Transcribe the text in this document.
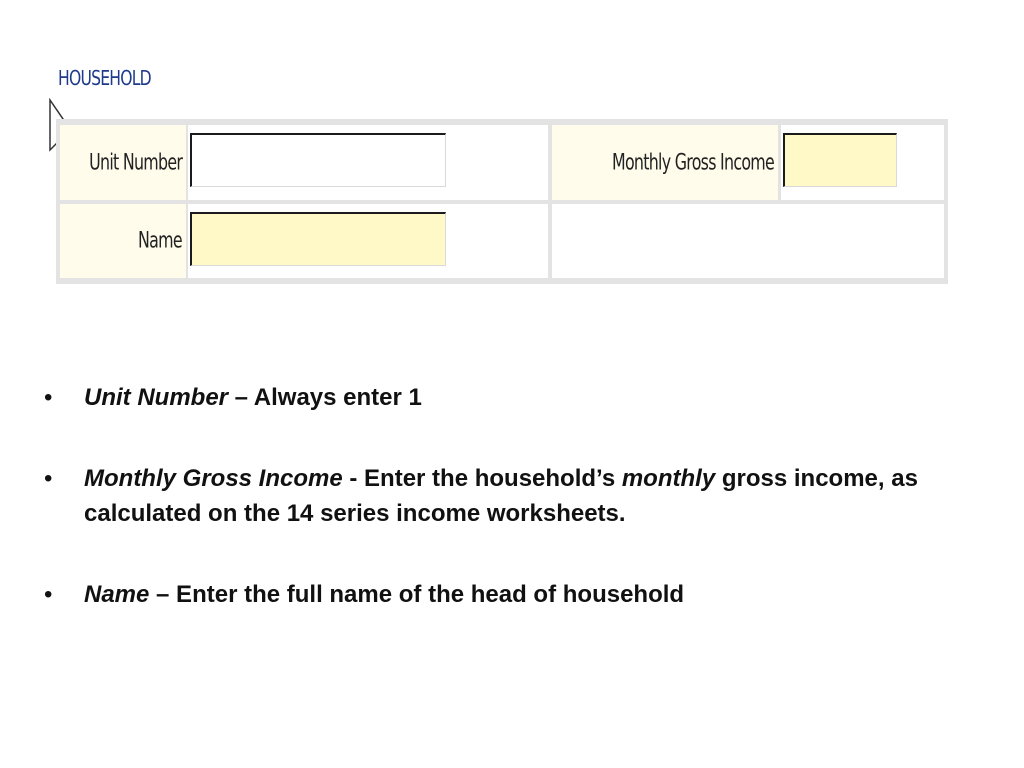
HOUSEHOLD
Unit Number	Monthly Gross Income
Name
• Unit Number – Always enter 1
• Monthly Gross Income - Enter the household’s monthly gross income, as calculated on the 14 series income worksheets.
• Name – Enter the full name of the head of household
